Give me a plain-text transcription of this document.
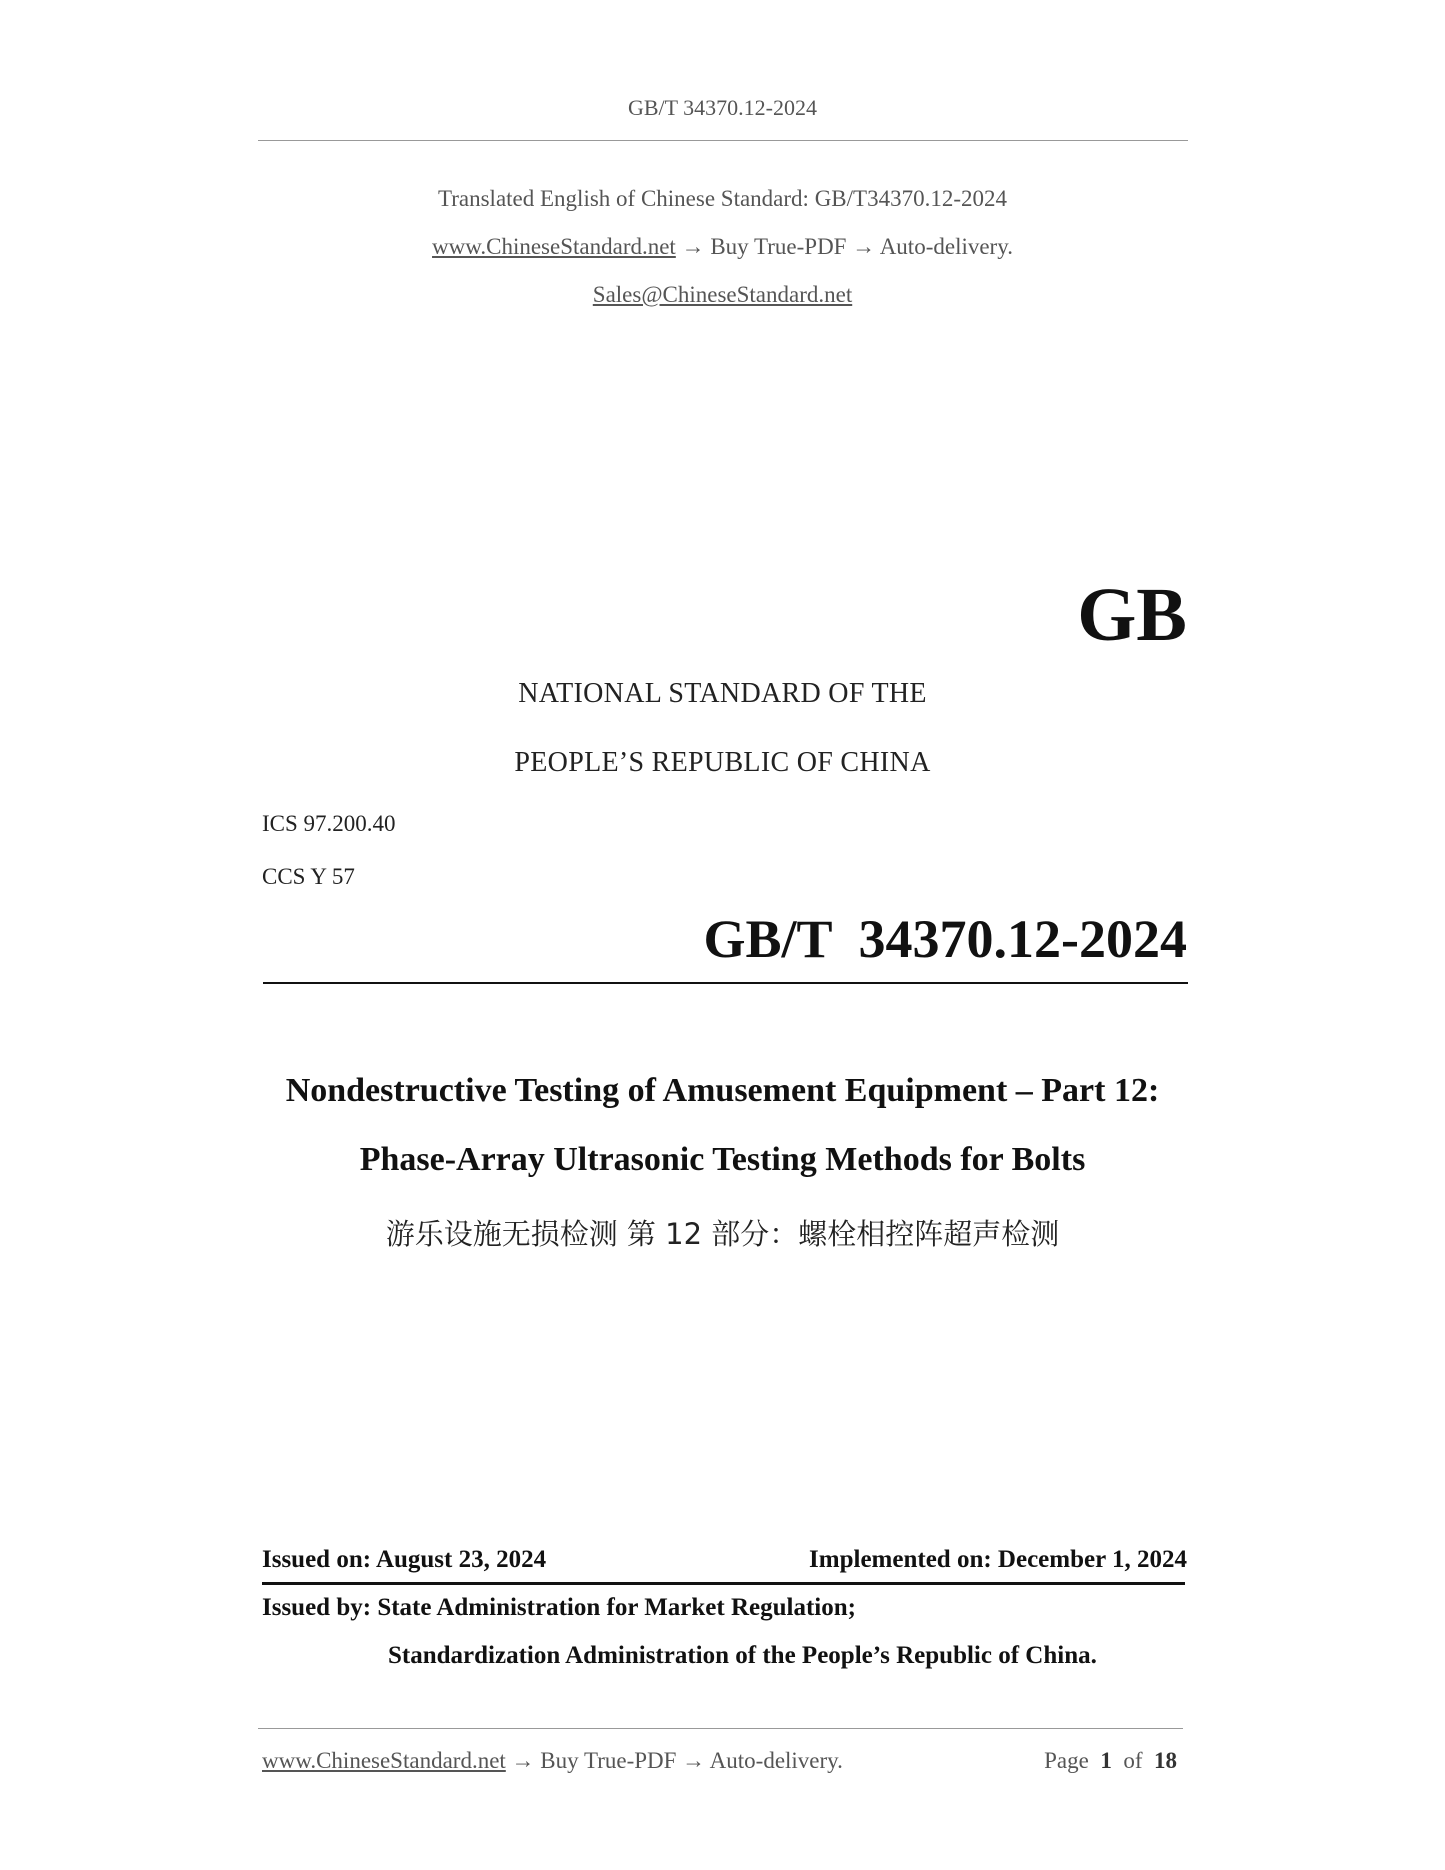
GB/T 34370.12-2024
Translated English of Chinese Standard: GB/T34370.12-2024
www.ChineseStandard.net → Buy True-PDF → Auto-delivery.
Sales@ChineseStandard.net
GB
NATIONAL STANDARD OF THE
PEOPLE’S REPUBLIC OF CHINA
ICS 97.200.40
CCS Y 57
GB/T  34370.12-2024
Nondestructive Testing of Amusement Equipment – Part 12:
Phase-Array Ultrasonic Testing Methods for Bolts
游乐设施无损检测 第 12 部分：螺栓相控阵超声检测
Issued on: August 23, 2024	Implemented on: December 1, 2024
Issued by: State Administration for Market Regulation;
Standardization Administration of the People’s Republic of China.
www.ChineseStandard.net → Buy True-PDF → Auto-delivery.	Page 1 of 18
